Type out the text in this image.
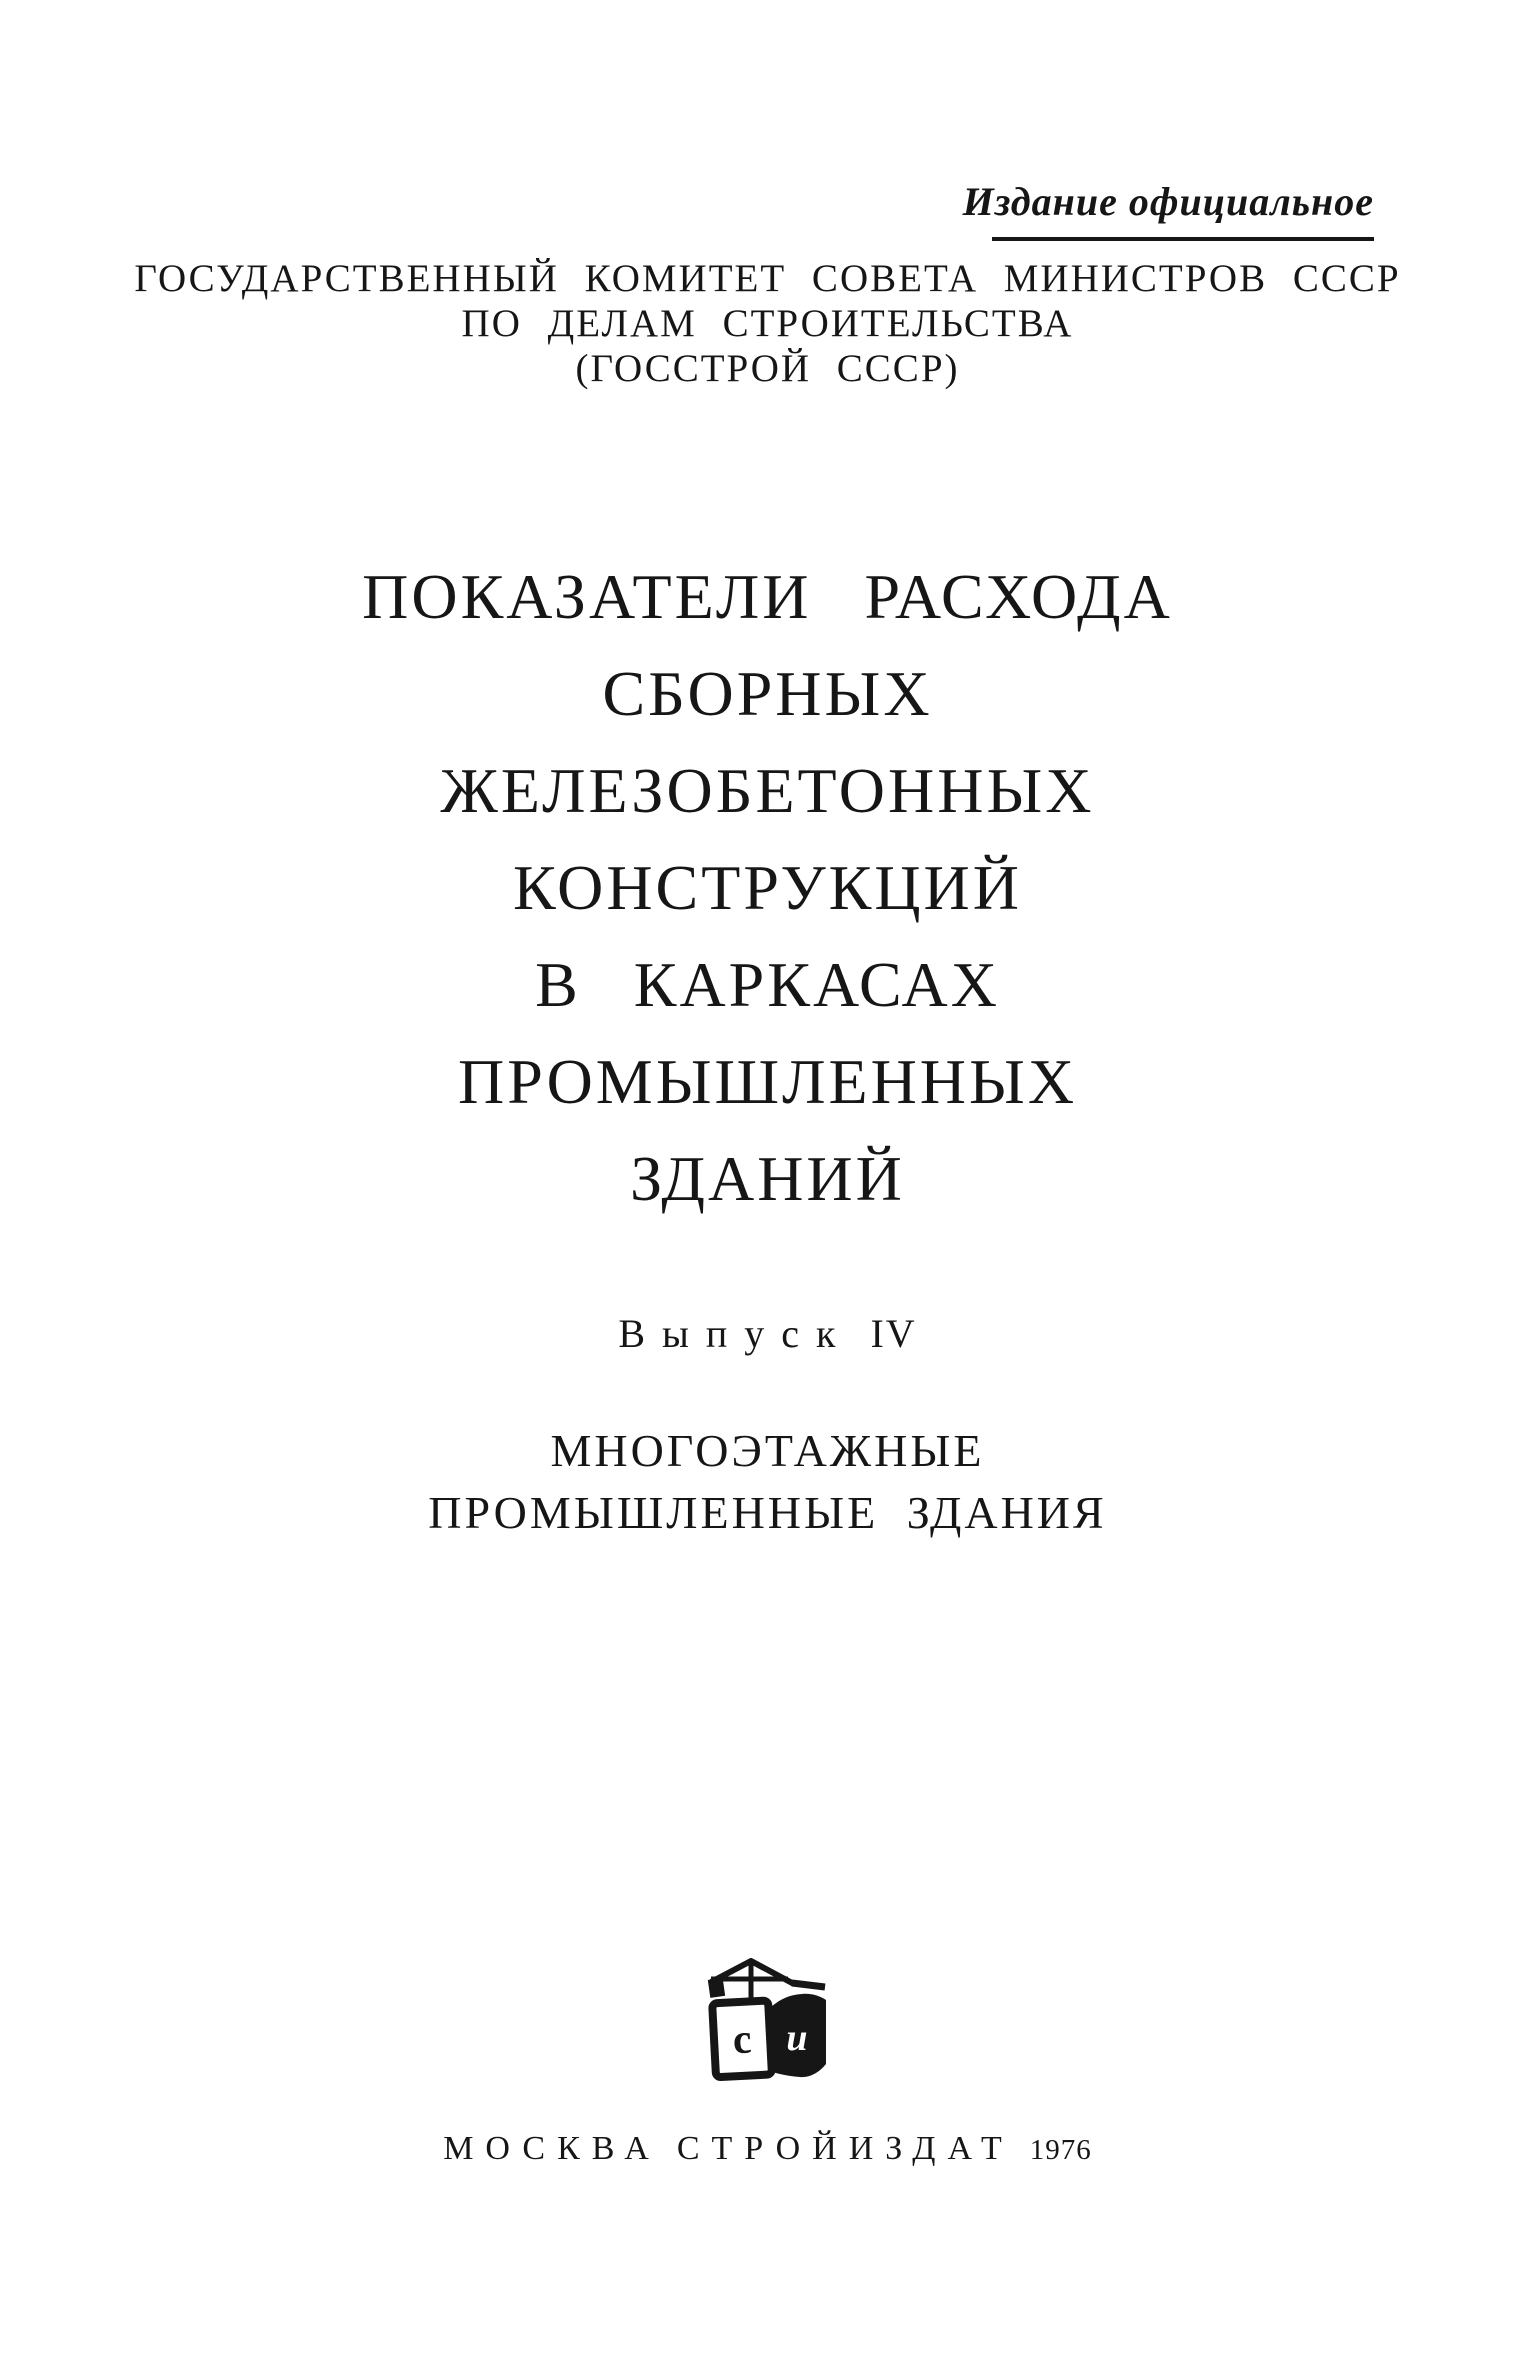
Издание официальное
ГОСУДАРСТВЕННЫЙ КОМИТЕТ СОВЕТА МИНИСТРОВ СССР
ПО ДЕЛАМ СТРОИТЕЛЬСТВА
(ГОССТРОЙ СССР)
ПОКАЗАТЕЛИ РАСХОДА
СБОРНЫХ
ЖЕЛЕЗОБЕТОННЫХ
КОНСТРУКЦИЙ
В КАРКАСАХ
ПРОМЫШЛЕННЫХ
ЗДАНИЙ
Выпуск IV
МНОГОЭТАЖНЫЕ
ПРОМЫШЛЕННЫЕ ЗДАНИЯ
с и
МОСКВА СТРОЙИЗДАТ 1976
